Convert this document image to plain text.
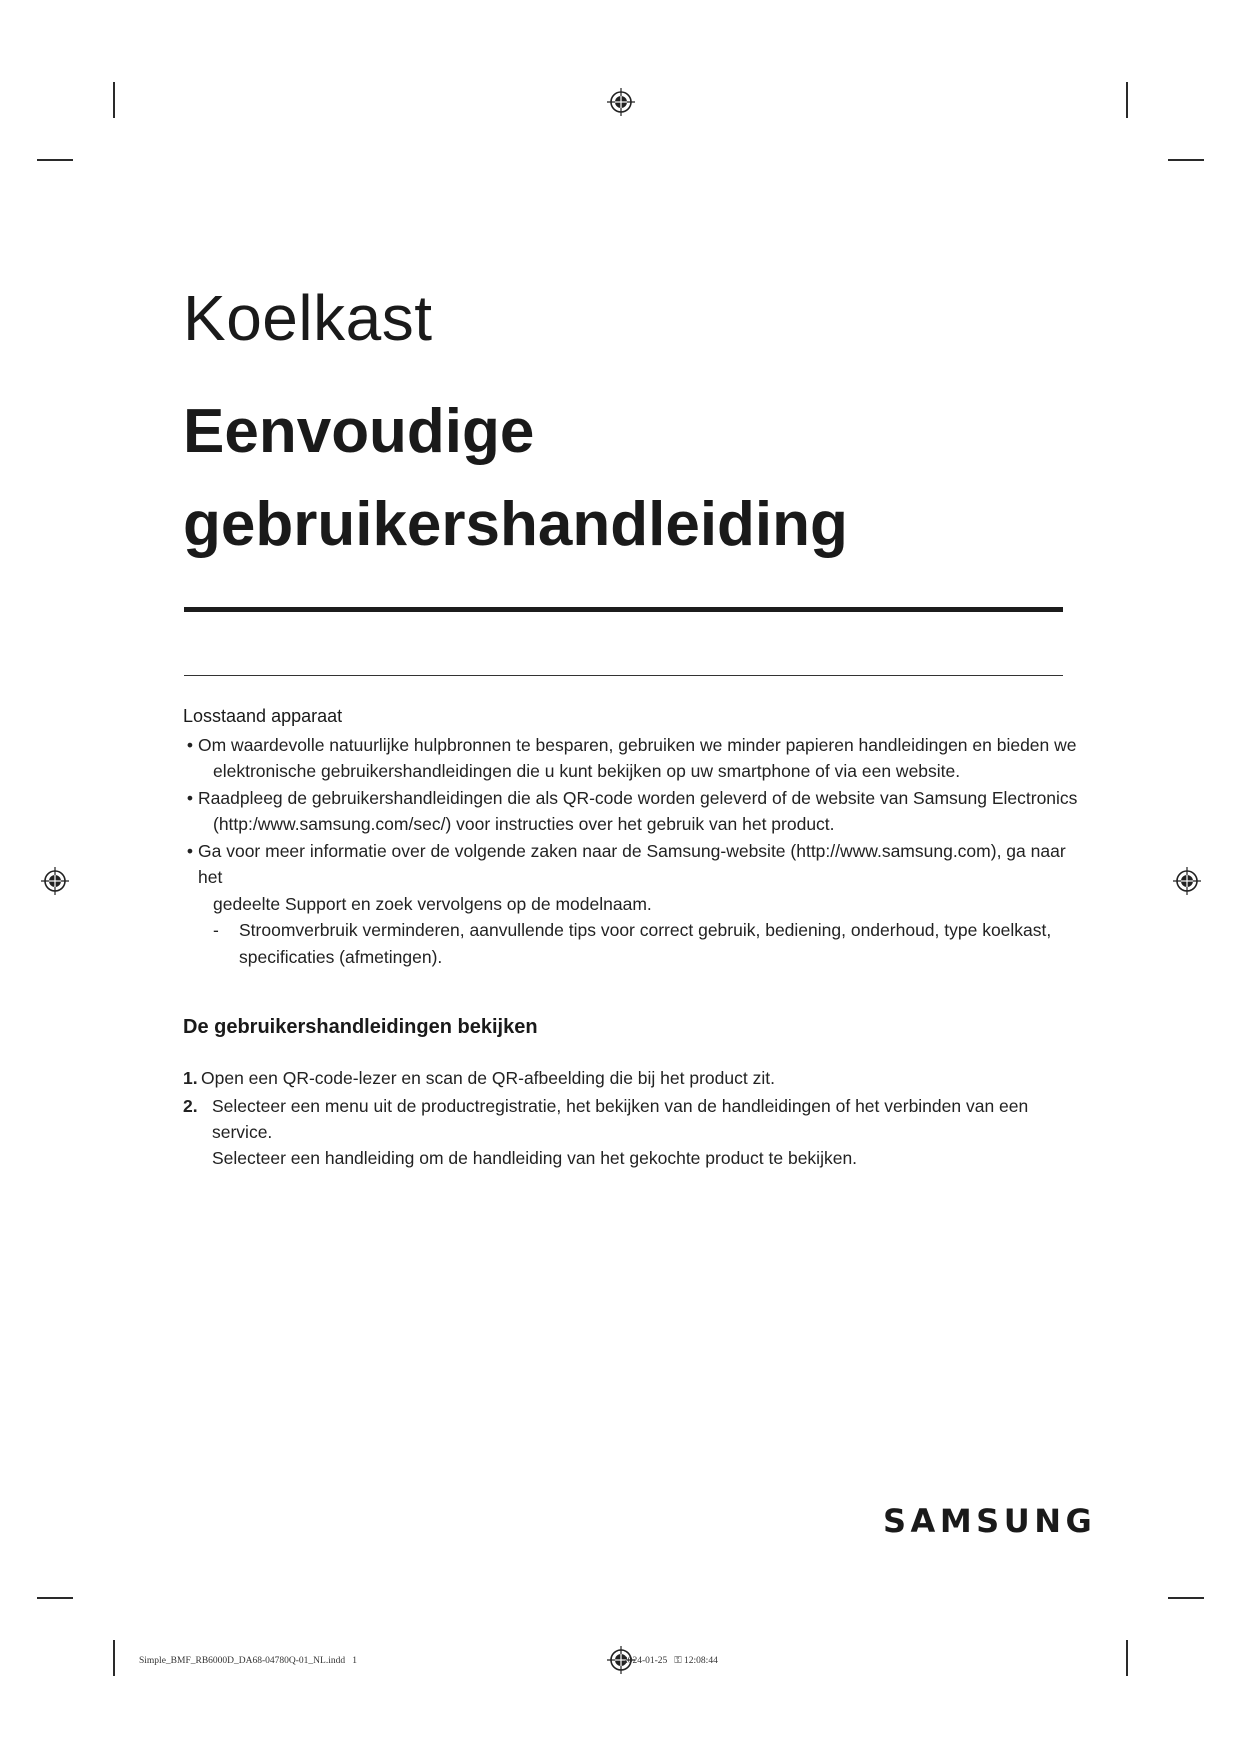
Koelkast
Eenvoudige
gebruikershandleiding
Losstaand apparaat
• Om waardevolle natuurlijke hulpbronnen te besparen, gebruiken we minder papieren handleidingen en bieden we
elektronische gebruikershandleidingen die u kunt bekijken op uw smartphone of via een website.
• Raadpleeg de gebruikershandleidingen die als QR-code worden geleverd of de website van Samsung Electronics
(http:/www.samsung.com/sec/) voor instructies over het gebruik van het product.
• Ga voor meer informatie over de volgende zaken naar de Samsung-website (http://www.samsung.com), ga naar het
gedeelte Support en zoek vervolgens op de modelnaam.
- Stroomverbruik verminderen, aanvullende tips voor correct gebruik, bediening, onderhoud, type koelkast,
specificaties (afmetingen).
De gebruikershandleidingen bekijken
1. Open een QR-code-lezer en scan de QR-afbeelding die bij het product zit.
2. Selecteer een menu uit de productregistratie, het bekijken van de handleidingen of het verbinden van een service.
Selecteer een handleiding om de handleiding van het gekochte product te bekijken.
SAMSUNG
Simple_BMF_RB6000D_DA68-04780Q-01_NL.indd   1                                                                                                                2024-01-25   ⚿ 12:08:44
